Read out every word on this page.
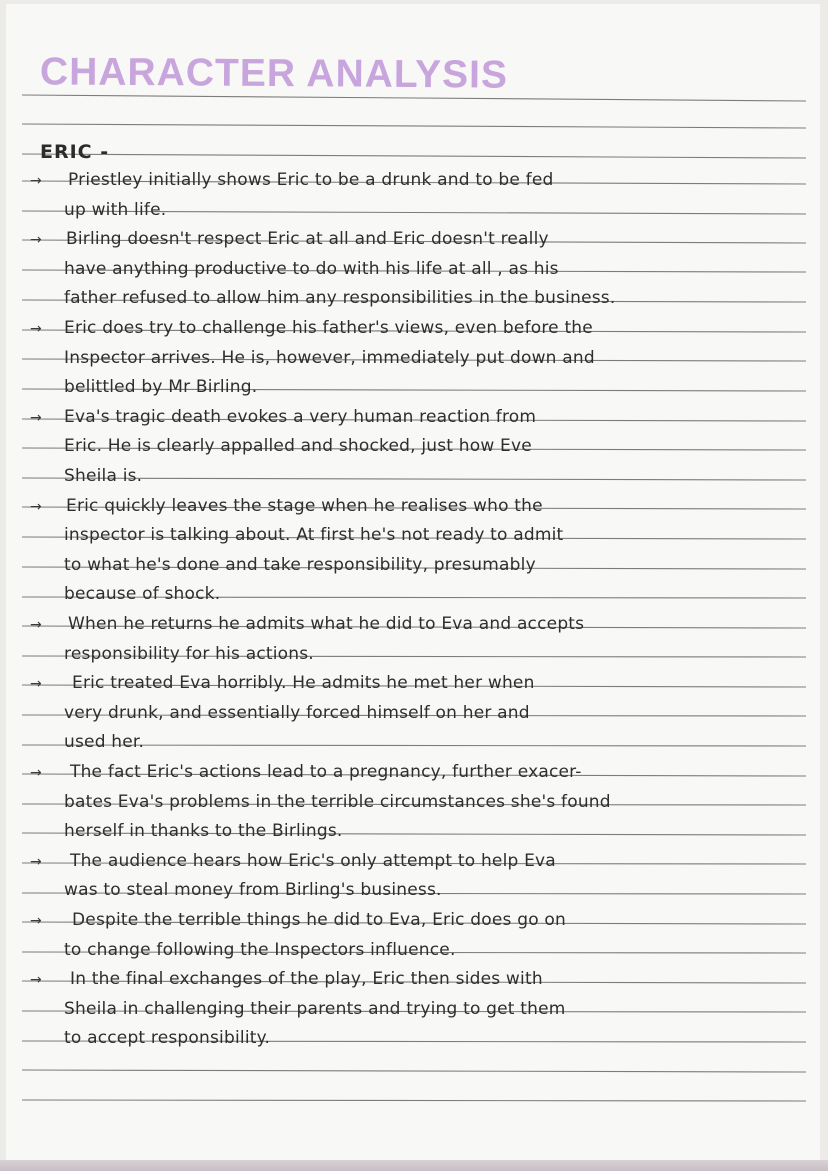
CHARACTER ANALYSIS
ERIC -
→ Priestley initially shows Eric to be a drunk and to be fed
up with life.
→ Birling doesn't respect Eric at all and Eric doesn't really
have anything productive to do with his life at all , as his
father refused to allow him any responsibilities in the business.
→ Eric does try to challenge his father's views, even before the
Inspector arrives. He is, however, immediately put down and
belittled by Mr Birling.
→ Eva's tragic death evokes a very human reaction from
Eric. He is clearly appalled and shocked, just how Eve
Sheila is.
→ Eric quickly leaves the stage when he realises who the
inspector is talking about. At first he's not ready to admit
to what he's done and take responsibility, presumably
because of shock.
→ When he returns he admits what he did to Eva and accepts
responsibility for his actions.
→ Eric treated Eva horribly. He admits he met her when
very drunk, and essentially forced himself on her and
used her.
→ The fact Eric's actions lead to a pregnancy, further exacer-
bates Eva's problems in the terrible circumstances she's found
herself in thanks to the Birlings.
→ The audience hears how Eric's only attempt to help Eva
was to steal money from Birling's business.
→ Despite the terrible things he did to Eva, Eric does go on
to change following the Inspectors influence.
→ In the final exchanges of the play, Eric then sides with
Sheila in challenging their parents and trying to get them
to accept responsibility.
